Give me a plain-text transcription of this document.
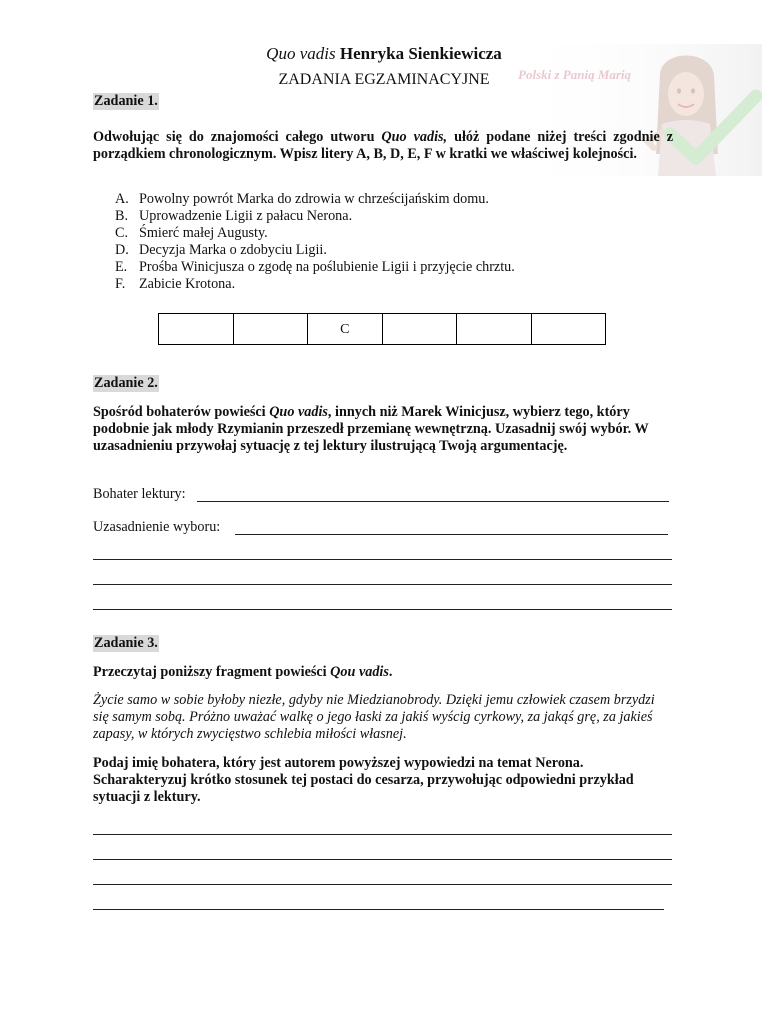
Polski z Panią Marią
Quo vadis Henryka Sienkiewicza
ZADANIA EGZAMINACYJNE
Zadanie 1.
Odwołując się do znajomości całego utworu Quo vadis, ułóż podane niżej treści zgodnie z porządkiem chronologicznym. Wpisz litery A, B, D, E, F w kratki we właściwej kolejności.
A. Powolny powrót Marka do zdrowia w chrześcijańskim domu.
B. Uprowadzenie Ligii z pałacu Nerona.
C. Śmierć małej Augusty.
D. Decyzja Marka o zdobyciu Ligii.
E. Prośba Winicjusza o zgodę na poślubienie Ligii i przyjęcie chrztu.
F. Zabicie Krotona.
C
Zadanie 2.
Spośród bohaterów powieści Quo vadis, innych niż Marek Winicjusz, wybierz tego, który podobnie jak młody Rzymianin przeszedł przemianę wewnętrzną. Uzasadnij swój wybór. W uzasadnieniu przywołaj sytuację z tej lektury ilustrującą Twoją argumentację.
Bohater lektury:
Uzasadnienie wyboru:
Zadanie 3.
Przeczytaj poniższy fragment powieści Qou vadis.
Życie samo w sobie byłoby niezłe, gdyby nie Miedzianobrody. Dzięki jemu człowiek czasem brzydzi się samym sobą. Próżno uważać walkę o jego łaski za jakiś wyścig cyrkowy, za jakąś grę, za jakieś zapasy, w których zwycięstwo schlebia miłości własnej.
Podaj imię bohatera, który jest autorem powyższej wypowiedzi na temat Nerona. Scharakteryzuj krótko stosunek tej postaci do cesarza, przywołując odpowiedni przykład sytuacji z lektury.
